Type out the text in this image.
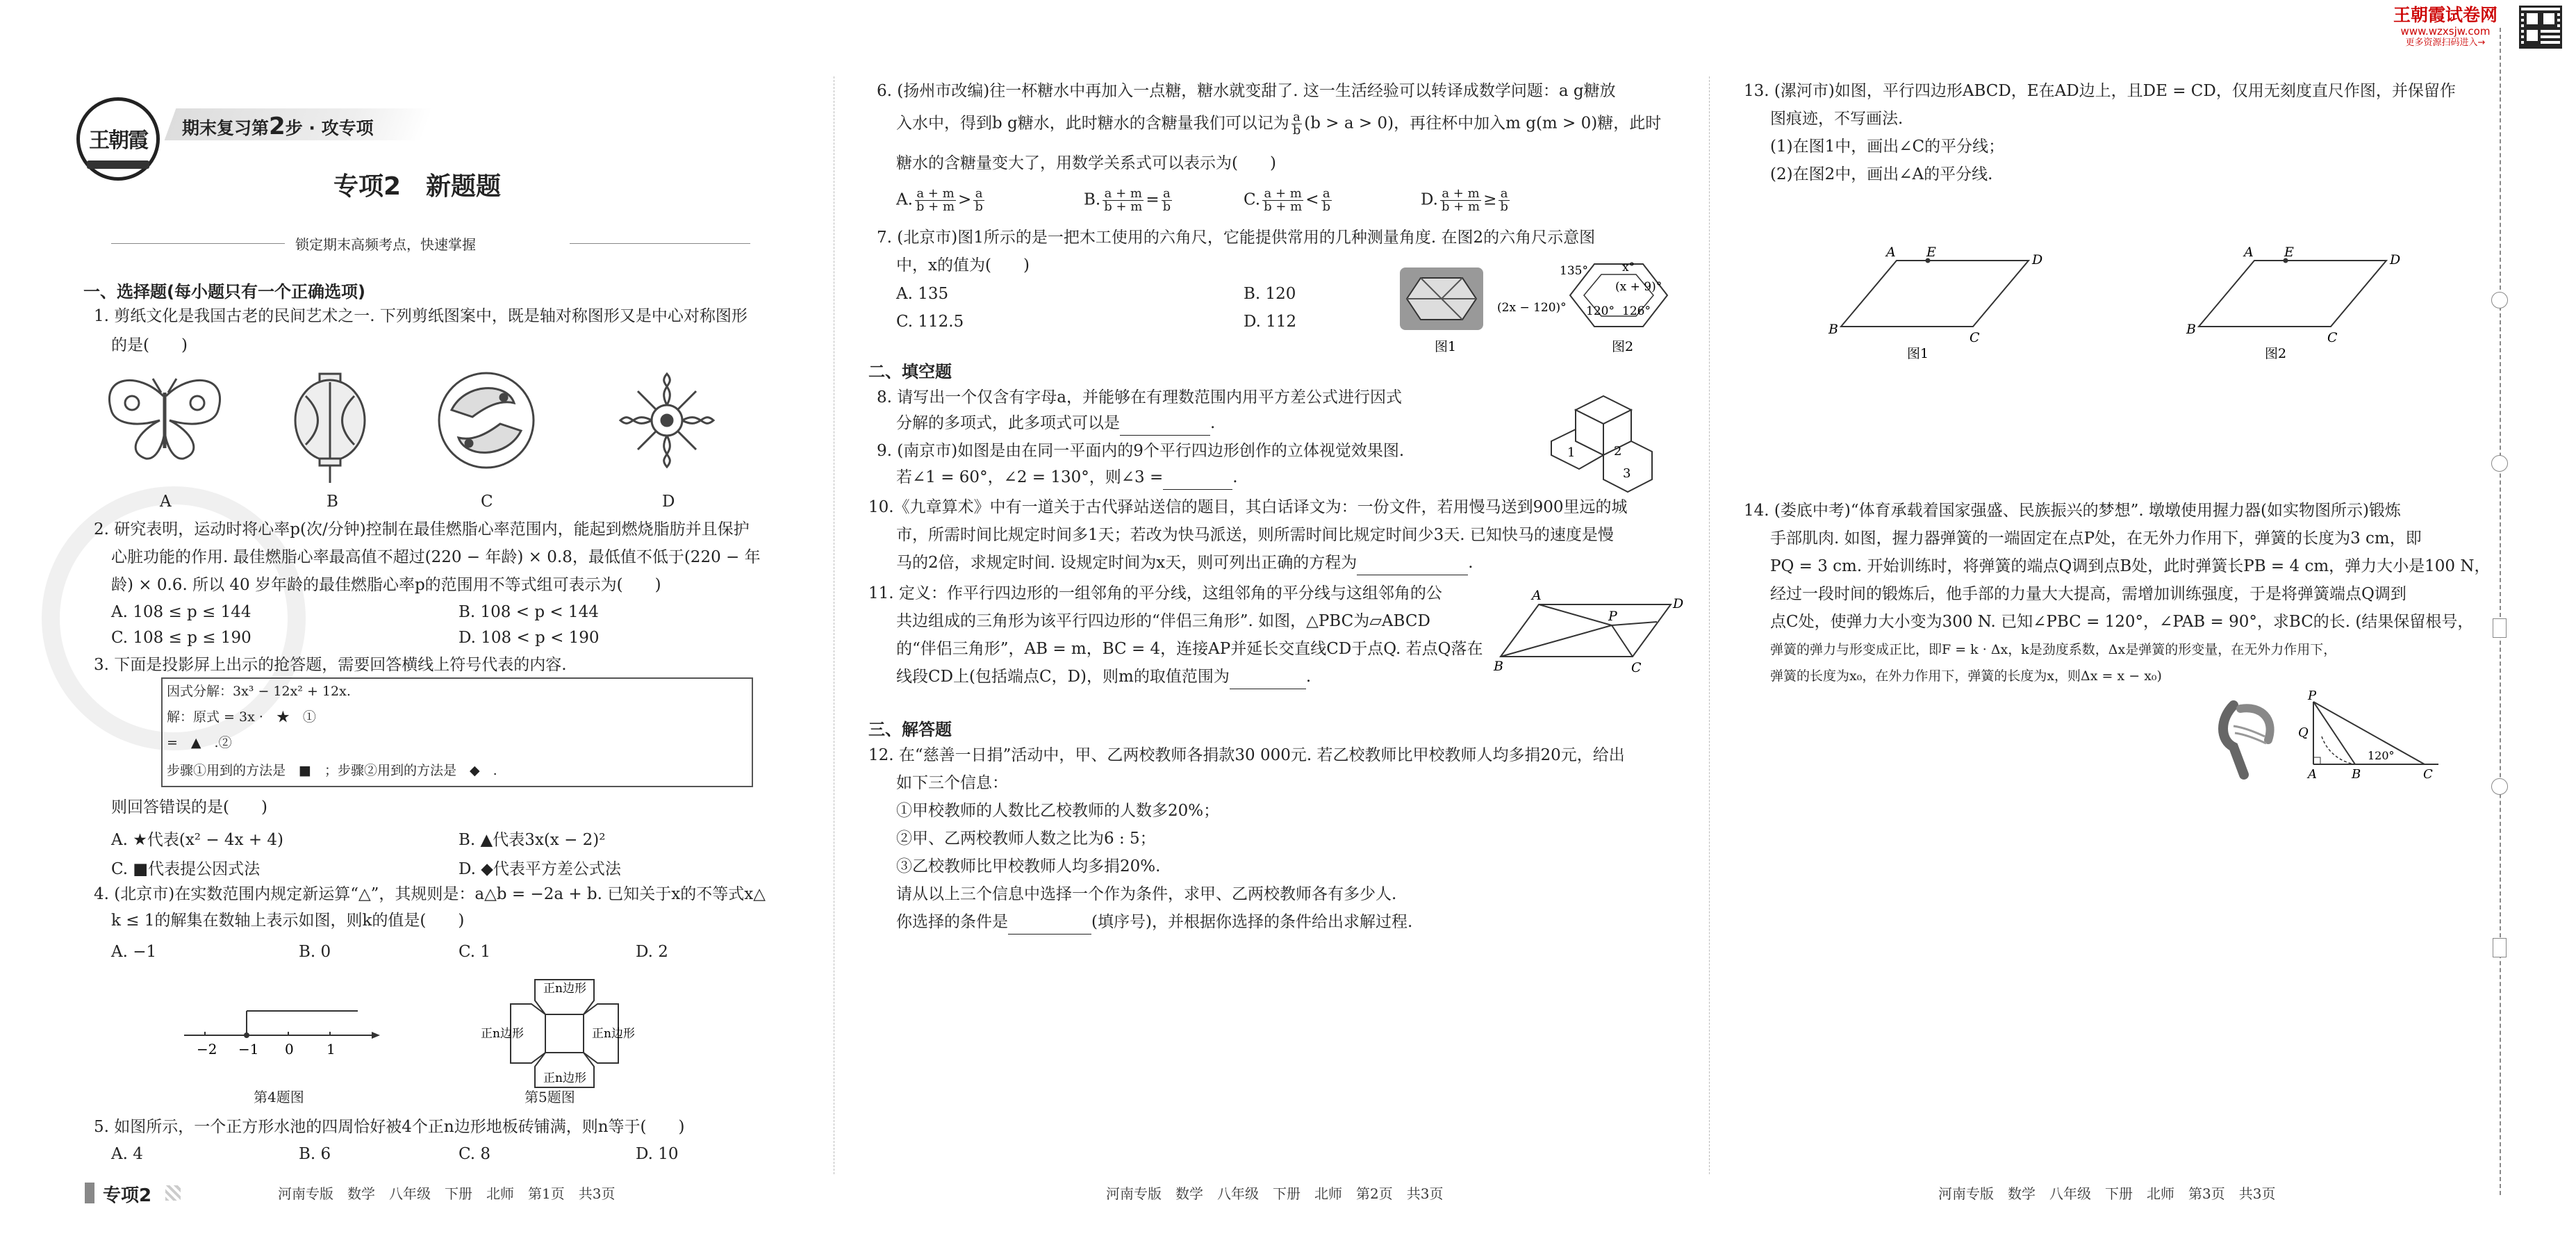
王朝霞试卷网
www.wzxsjw.com
更多资源扫码进入→
王朝霞
期末复习第2步 · 攻专项
专项2　新题题
锁定期末高频考点，快速掌握
一、选择题(每小题只有一个正确选项)
1. 剪纸文化是我国古老的民间艺术之一. 下列剪纸图案中，既是轴对称图形又是中心对称图形
的是(　　)
A	B	C	D
2. 研究表明，运动时将心率p(次/分钟)控制在最佳燃脂心率范围内，能起到燃烧脂肪并且保护
心脏功能的作用. 最佳燃脂心率最高值不超过(220 − 年龄) × 0.8，最低值不低于(220 − 年
龄) × 0.6. 所以 40 岁年龄的最佳燃脂心率p的范围用不等式组可表示为(　　)
A. 108 ≤ p ≤ 144	B. 108 < p < 144
C. 108 ≤ p ≤ 190	D. 108 < p < 190
3. 下面是投影屏上出示的抢答题，需要回答横线上符号代表的内容.
因式分解：3x³ − 12x² + 12x.
解：原式 = 3x ·　★　①
=　▲　.②
步骤①用到的方法是　■　；步骤②用到的方法是　◆　.
则回答错误的是(　　)
A. ★代表(x² − 4x + 4)	B. ▲代表3x(x − 2)²
C. ■代表提公因式法	D. ◆代表平方差公式法
4. (北京市)在实数范围内规定新运算“△”，其规则是：a△b = −2a + b. 已知关于x的不等式x△
k ≤ 1的解集在数轴上表示如图，则k的值是(　　)
A. −1	B. 0	C. 1	D. 2
−2 −1 0 1
第4题图
正n边形
正n边形
正n边形	正n边形
第5题图
5. 如图所示，一个正方形水池的四周恰好被4个正n边形地板砖铺满，则n等于(　　)
A. 4	B. 6	C. 8	D. 10
专项2	河南专版　数学　八年级　下册　北师　第1页　共3页
6. (扬州市改编)往一杯糖水中再加入一点糖，糖水就变甜了. 这一生活经验可以转译成数学问题：a g糖放
入水中，得到b g糖水，此时糖水的含糖量我们可以记为 $\frac{a}{b} (b > a > 0)$，再往杯中加入m g(m > 0)糖，此时
糖水的含糖量变大了，用数学关系式可以表示为(　　)
A. $\frac{a + m}{b + m} > \frac{a}{b}$	B. $\frac{a + m}{b + m} = \frac{a}{b}$	C. $\frac{a + m}{b + m} < \frac{a}{b}$	D. $\frac{a + m}{b + m} \ge \frac{a}{b}$
7. (北京市)图1所示的是一把木工使用的六角尺，它能提供常用的几种测量角度. 在图2的六角尺示意图
中，x的值为(　　)
A. 135	B. 120
C. 112.5	D. 112
135°	x°
(x + 9)°
(2x − 120)° 120° 126°
图1	图2
二、填空题
8. 请写出一个仅含有字母a，并能够在有理数范围内用平方差公式进行因式
分解的多项式，此多项式可以是	.
1	2
3
9. (南京市)如图是由在同一平面内的9个平行四边形创作的立体视觉效果图.
若∠1 = 60°，∠2 = 130°，则∠3 =	.
10.《九章算术》中有一道关于古代驿站送信的题目，其白话译文为：一份文件，若用慢马送到900里远的城
市，所需时间比规定时间多1天；若改为快马派送，则所需时间比规定时间少3天. 已知快马的速度是慢
马的2倍，求规定时间. 设规定时间为x天，则可列出正确的方程为	.
11. 定义：作平行四边形的一组邻角的平分线，这组邻角的平分线与这组邻角的公
共边组成的三角形为该平行四边形的“伴侣三角形”. 如图，△PBC为▱ABCD
的“伴侣三角形”，AB = m，BC = 4，连接AP并延长交直线CD于点Q. 若点Q落在
线段CD上(包括端点C，D)，则m的取值范围为	.
A
D
P
B	C
三、解答题
12. 在“慈善一日捐”活动中，甲、乙两校教师各捐款30 000元. 若乙校教师比甲校教师人均多捐20元，给出
如下三个信息：
①甲校教师的人数比乙校教师的人数多20%；
②甲、乙两校教师人数之比为6 : 5；
③乙校教师比甲校教师人均多捐20%.
请从以上三个信息中选择一个作为条件，求甲、乙两校教师各有多少人.
你选择的条件是	(填序号)，并根据你选择的条件给出求解过程.
河南专版　数学　八年级　下册　北师　第2页　共3页
13. (漯河市)如图，平行四边形ABCD，E在AD边上，且DE = CD，仅用无刻度直尺作图，并保留作
图痕迹，不写画法.
(1)在图1中，画出∠C的平分线；
(2)在图2中，画出∠A的平分线.
A E	D
B
C
图1
A E	D
B
C
图2
14. (娄底中考)“体育承载着国家强盛、民族振兴的梦想”. 墩墩使用握力器(如实物图所示)锻炼
手部肌肉. 如图，握力器弹簧的一端固定在点P处，在无外力作用下，弹簧的长度为3 cm，即
PQ = 3 cm. 开始训练时，将弹簧的端点Q调到点B处，此时弹簧长PB = 4 cm，弹力大小是100 N，
经过一段时间的锻炼后，他手部的力量大大提高，需增加训练强度，于是将弹簧端点Q调到
点C处，使弹力大小变为300 N. 已知∠PBC = 120°，∠PAB = 90°，求BC的长. (结果保留根号，
弹簧的弹力与形变成正比，即F = k · Δx，k是劲度系数，Δx是弹簧的形变量，在无外力作用下，
弹簧的长度为x₀，在外力作用下，弹簧的长度为x，则Δx = x − x₀)
P
Q
A	B	C
120°
河南专版　数学　八年级　下册　北师　第3页　共3页
